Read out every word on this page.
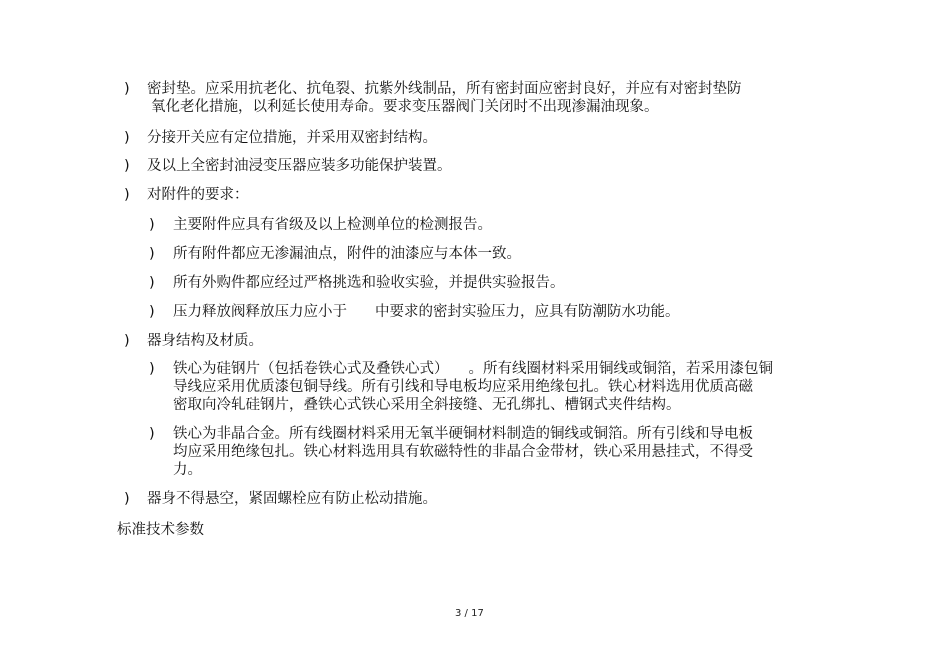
) 密封垫。应采用抗老化、抗龟裂、抗紫外线制品，所有密封面应密封良好，并应有对密封垫防
氧化老化措施，以利延长使用寿命。要求变压器阀门关闭时不出现渗漏油现象。
) 分接开关应有定位措施，并采用双密封结构。
) 及以上全密封油浸变压器应装多功能保护装置。
) 对附件的要求：
) 主要附件应具有省级及以上检测单位的检测报告。
) 所有附件都应无渗漏油点，附件的油漆应与本体一致。
) 所有外购件都应经过严格挑选和验收实验，并提供实验报告。
) 压力释放阀释放压力应小于 中要求的密封实验压力，应具有防潮防水功能。
) 器身结构及材质。
) 铁心为硅钢片（包括卷铁心式及叠铁心式） 。所有线圈材料采用铜线或铜箔，若采用漆包铜
导线应采用优质漆包铜导线。所有引线和导电板均应采用绝缘包扎。铁心材料选用优质高磁
密取向冷轧硅钢片，叠铁心式铁心采用全斜接缝、无孔绑扎、槽钢式夹件结构。
) 铁心为非晶合金。所有线圈材料采用无氧半硬铜材料制造的铜线或铜箔。所有引线和导电板
均应采用绝缘包扎。铁心材料选用具有软磁特性的非晶合金带材，铁心采用悬挂式，不得受
力。
) 器身不得悬空，紧固螺栓应有防止松动措施。
标准技术参数
3 / 17
